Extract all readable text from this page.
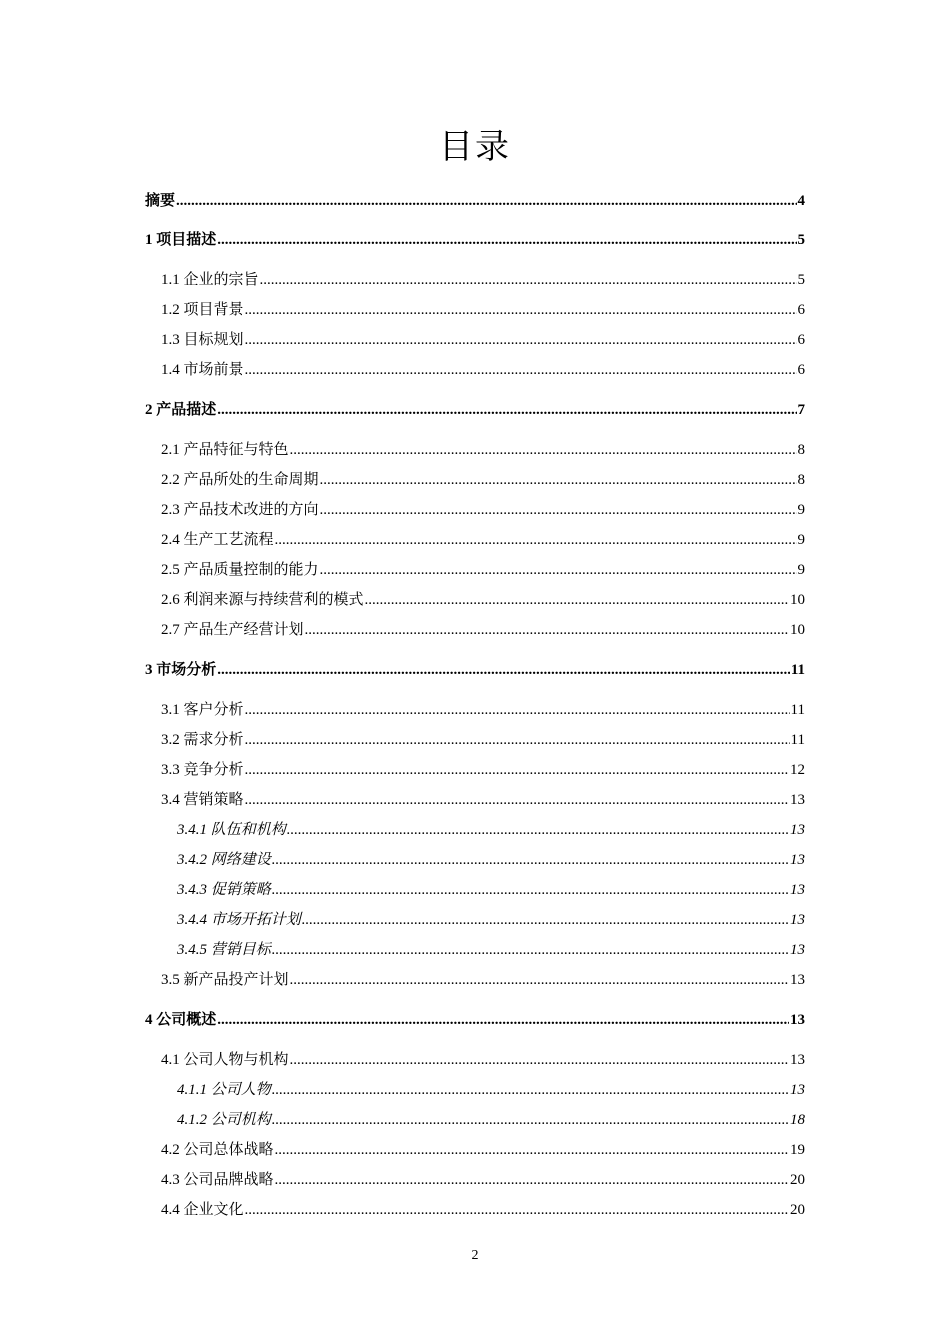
目录
摘要 .....	4
1 项目描述 .....	5
1.1 企业的宗旨 .....	5
1.2 项目背景 .....	6
1.3 目标规划 .....	6
1.4 市场前景 .....	6
2 产品描述 .....	7
2.1 产品特征与特色 .....	8
2.2 产品所处的生命周期 .....	8
2.3 产品技术改进的方向 .....	9
2.4 生产工艺流程 .....	9
2.5 产品质量控制的能力 .....	9
2.6 利润来源与持续营利的模式 .....	10
2.7 产品生产经营计划 .....	10
3 市场分析 .....	11
3.1 客户分析 .....	11
3.2 需求分析 .....	11
3.3 竞争分析 .....	12
3.4 营销策略 .....	13
3.4.1 队伍和机构 .....	13
3.4.2 网络建设 .....	13
3.4.3 促销策略 .....	13
3.4.4 市场开拓计划 .....	13
3.4.5 营销目标 .....	13
3.5 新产品投产计划 .....	13
4 公司概述 .....	13
4.1 公司人物与机构 .....	13
4.1.1 公司人物 .....	13
4.1.2 公司机构 .....	18
4.2 公司总体战略 .....	19
4.3 公司品牌战略 .....	20
4.4 企业文化 .....	20
2
